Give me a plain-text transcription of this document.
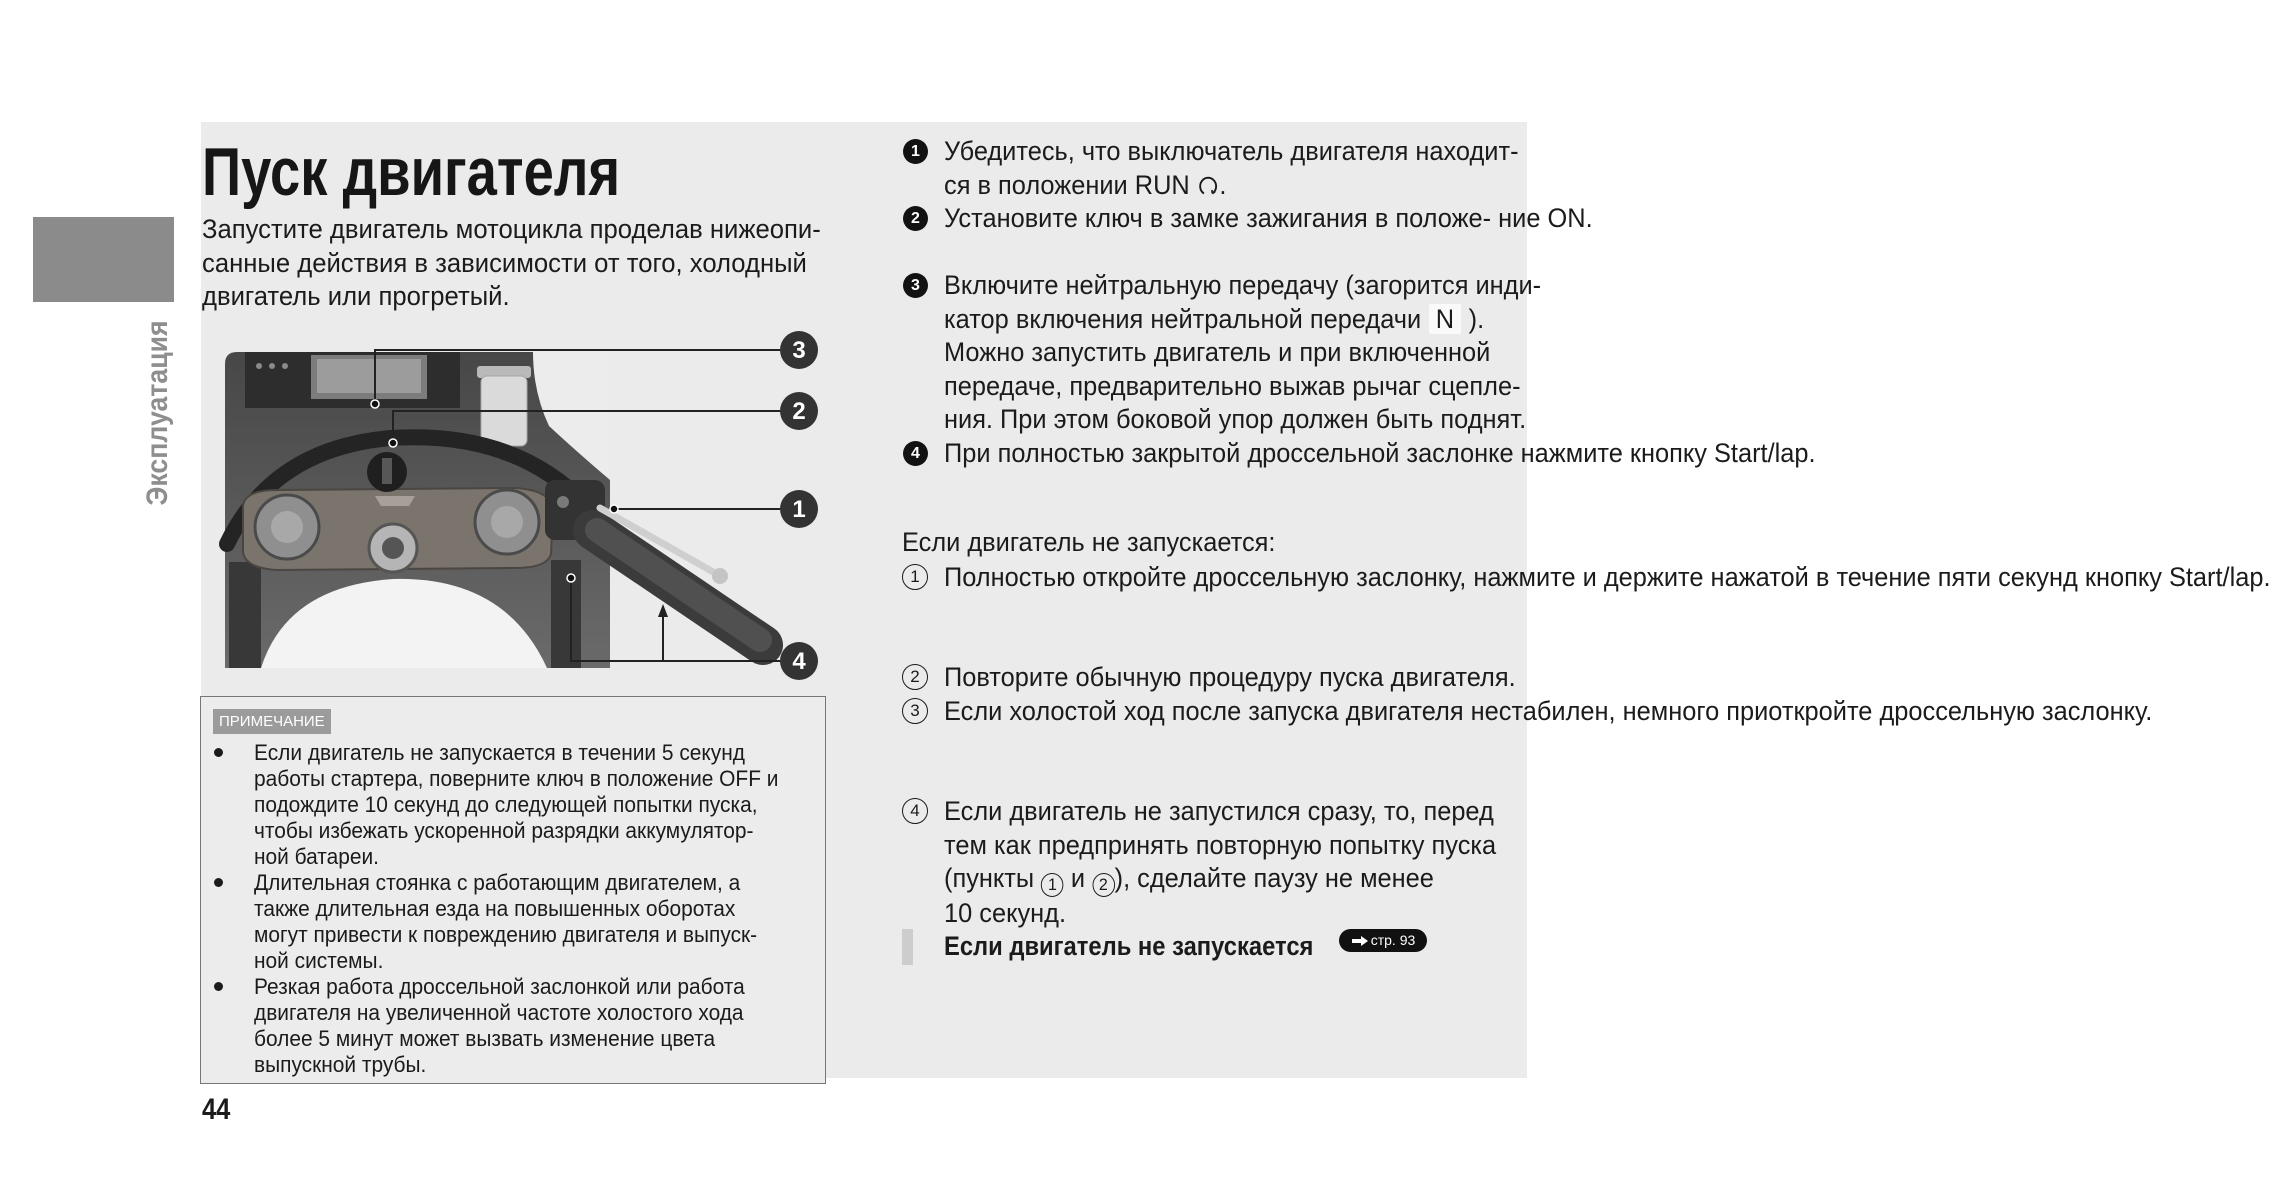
Эксплуатация
Пуск двигателя
Запустите двигатель мотоцикла проделав нижеопи-
санные действия в зависимости от того, холодный
двигатель или прогретый.
3
2
1
4
ПРИМЕЧАНИЕ
Если двигатель не запускается в течении 5 секунд
работы стартера, поверните ключ в положение OFF и
подождите 10 секунд до следующей попытки пуска,
чтобы избежать ускоренной разрядки аккумулятор-
ной батареи.
Длительная стоянка с работающим двигателем, а
также длительная езда на повышенных оборотах
могут привести к повреждению двигателя и выпуск-
ной системы.
Резкая работа дроссельной заслонкой или работа
двигателя на увеличенной частоте холостого хода
более 5 минут может вызвать изменение цвета
выпускной трубы.
44
1 Убедитесь, что выключатель двигателя находит-
ся в положении RUN .
2 Установите ключ в замке зажигания в положе- ние ON.
3 Включите нейтральную передачу (загорится инди-
катор включения нейтральной передачи N ).
Можно запустить двигатель и при включенной
передаче, предварительно выжав рычаг сцепле-
ния. При этом боковой упор должен быть поднят.
4 При полностью закрытой дроссельной заслонке нажмите кнопку Start/lap.
Если двигатель не запускается:
1 Полностью откройте дроссельную заслонку, нажмите и держите нажатой в течение пяти секунд кнопку Start/lap.
2 Повторите обычную процедуру пуска двигателя.
3 Если холостой ход после запуска двигателя нестабилен, немного приоткройте дроссельную заслонку.
4 Если двигатель не запустился сразу, то, перед
тем как предпринять повторную попытку пуска
(пункты 1 и 2 ), сделайте паузу не менее
10 секунд.
Если двигатель не запускается	стр. 93
